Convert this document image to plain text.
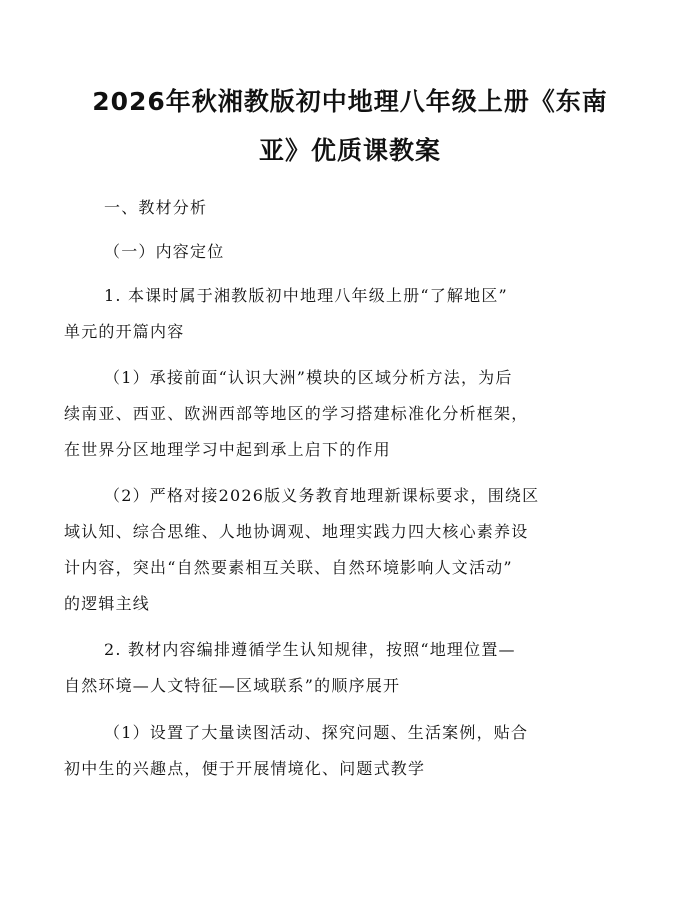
2026年秋湘教版初中地理八年级上册《东南
亚》优质课教案

一、教材分析

（一）内容定位

1. 本课时属于湘教版初中地理八年级上册“了解地区”
单元的开篇内容

（1）承接前面“认识大洲”模块的区域分析方法，为后
续南亚、西亚、欧洲西部等地区的学习搭建标准化分析框架，
在世界分区地理学习中起到承上启下的作用

（2）严格对接2026版义务教育地理新课标要求，围绕区
域认知、综合思维、人地协调观、地理实践力四大核心素养设
计内容，突出“自然要素相互关联、自然环境影响人文活动”
的逻辑主线

2. 教材内容编排遵循学生认知规律，按照“地理位置—
自然环境—人文特征—区域联系”的顺序展开

（1）设置了大量读图活动、探究问题、生活案例，贴合
初中生的兴趣点，便于开展情境化、问题式教学
